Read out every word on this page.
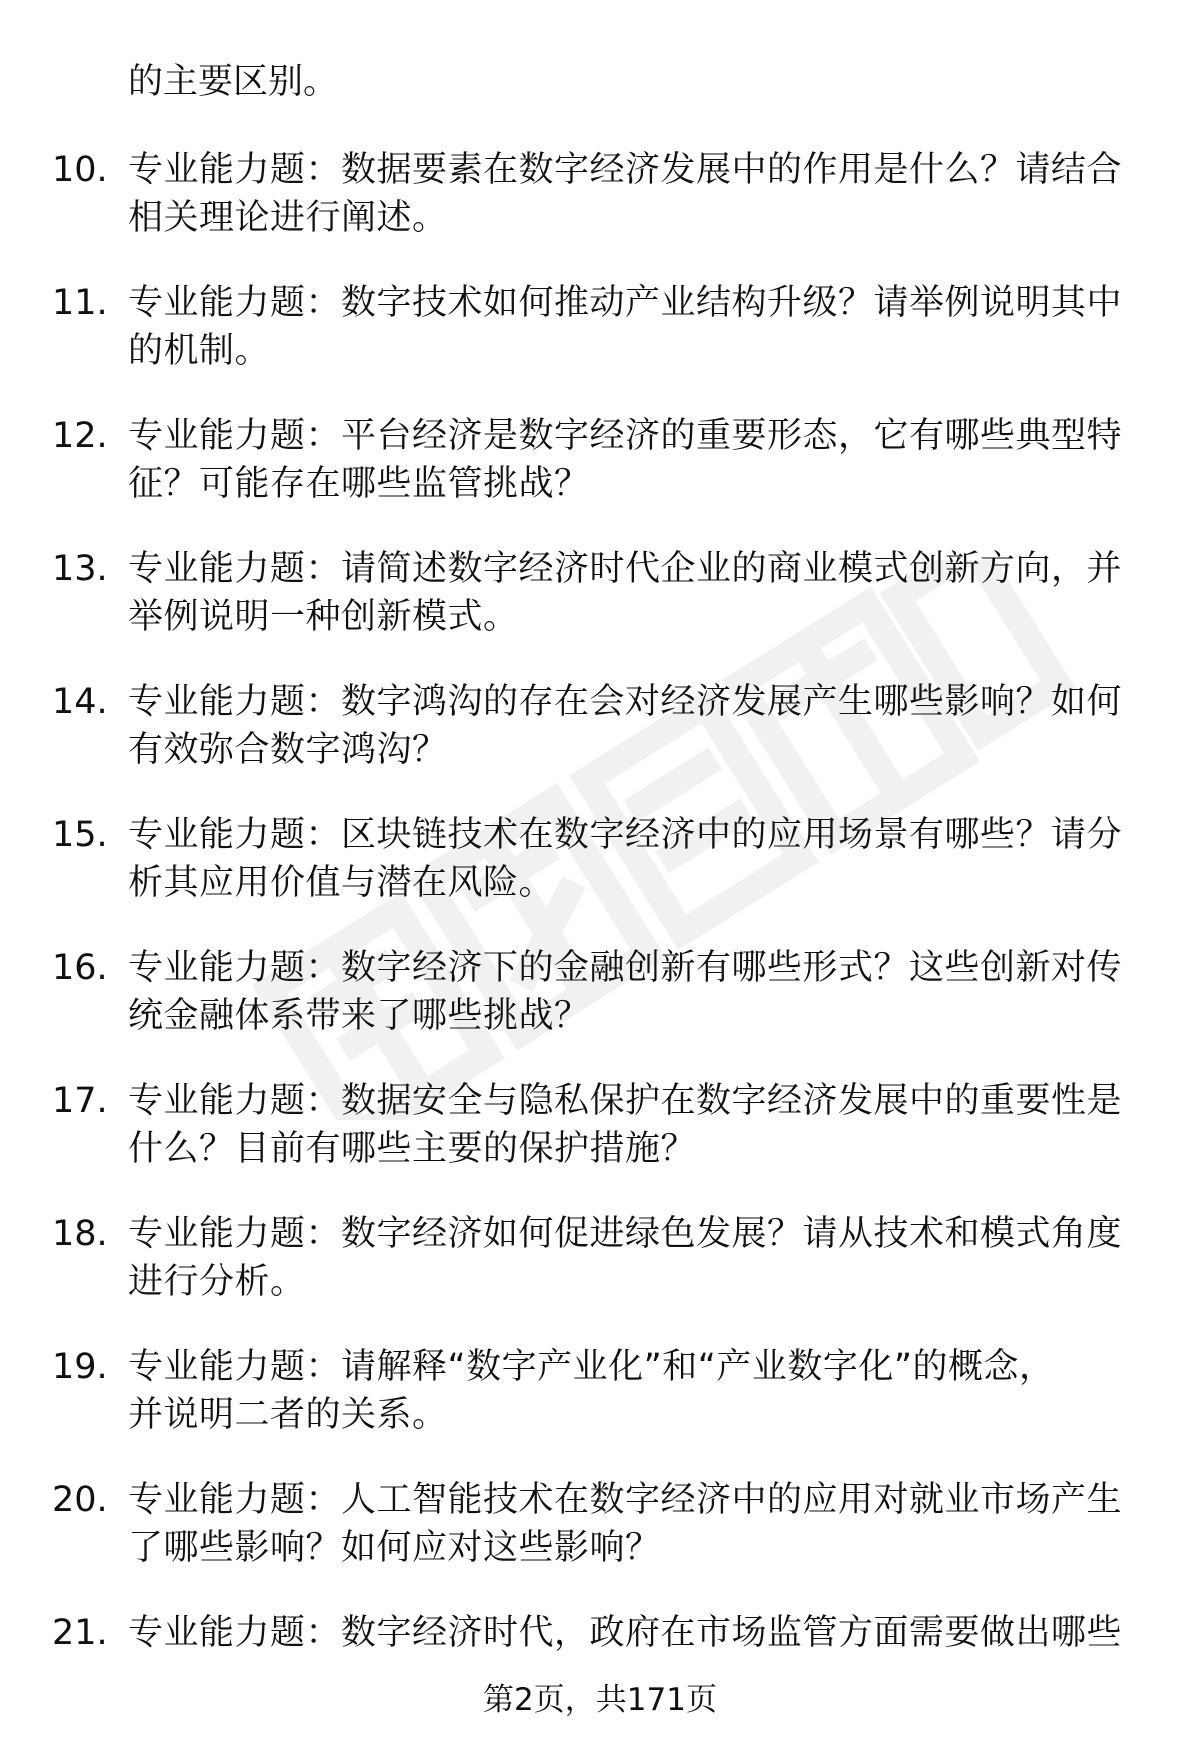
的主要区别。

10. 专业能力题：数据要素在数字经济发展中的作用是什么？请结合
相关理论进行阐述。
11. 专业能力题：数字技术如何推动产业结构升级？请举例说明其中
的机制。
12. 专业能力题：平台经济是数字经济的重要形态，它有哪些典型特
征？可能存在哪些监管挑战？
13. 专业能力题：请简述数字经济时代企业的商业模式创新方向，并
举例说明一种创新模式。
14. 专业能力题：数字鸿沟的存在会对经济发展产生哪些影响？如何
有效弥合数字鸿沟？
15. 专业能力题：区块链技术在数字经济中的应用场景有哪些？请分
析其应用价值与潜在风险。
16. 专业能力题：数字经济下的金融创新有哪些形式？这些创新对传
统金融体系带来了哪些挑战？
17. 专业能力题：数据安全与隐私保护在数字经济发展中的重要性是
什么？目前有哪些主要的保护措施？
18. 专业能力题：数字经济如何促进绿色发展？请从技术和模式角度
进行分析。
19. 专业能力题：请解释“数字产业化”和“产业数字化”的概念，
并说明二者的关系。
20. 专业能力题：人工智能技术在数字经济中的应用对就业市场产生
了哪些影响？如何应对这些影响？
21. 专业能力题：数字经济时代，政府在市场监管方面需要做出哪些
第2页，共171页
